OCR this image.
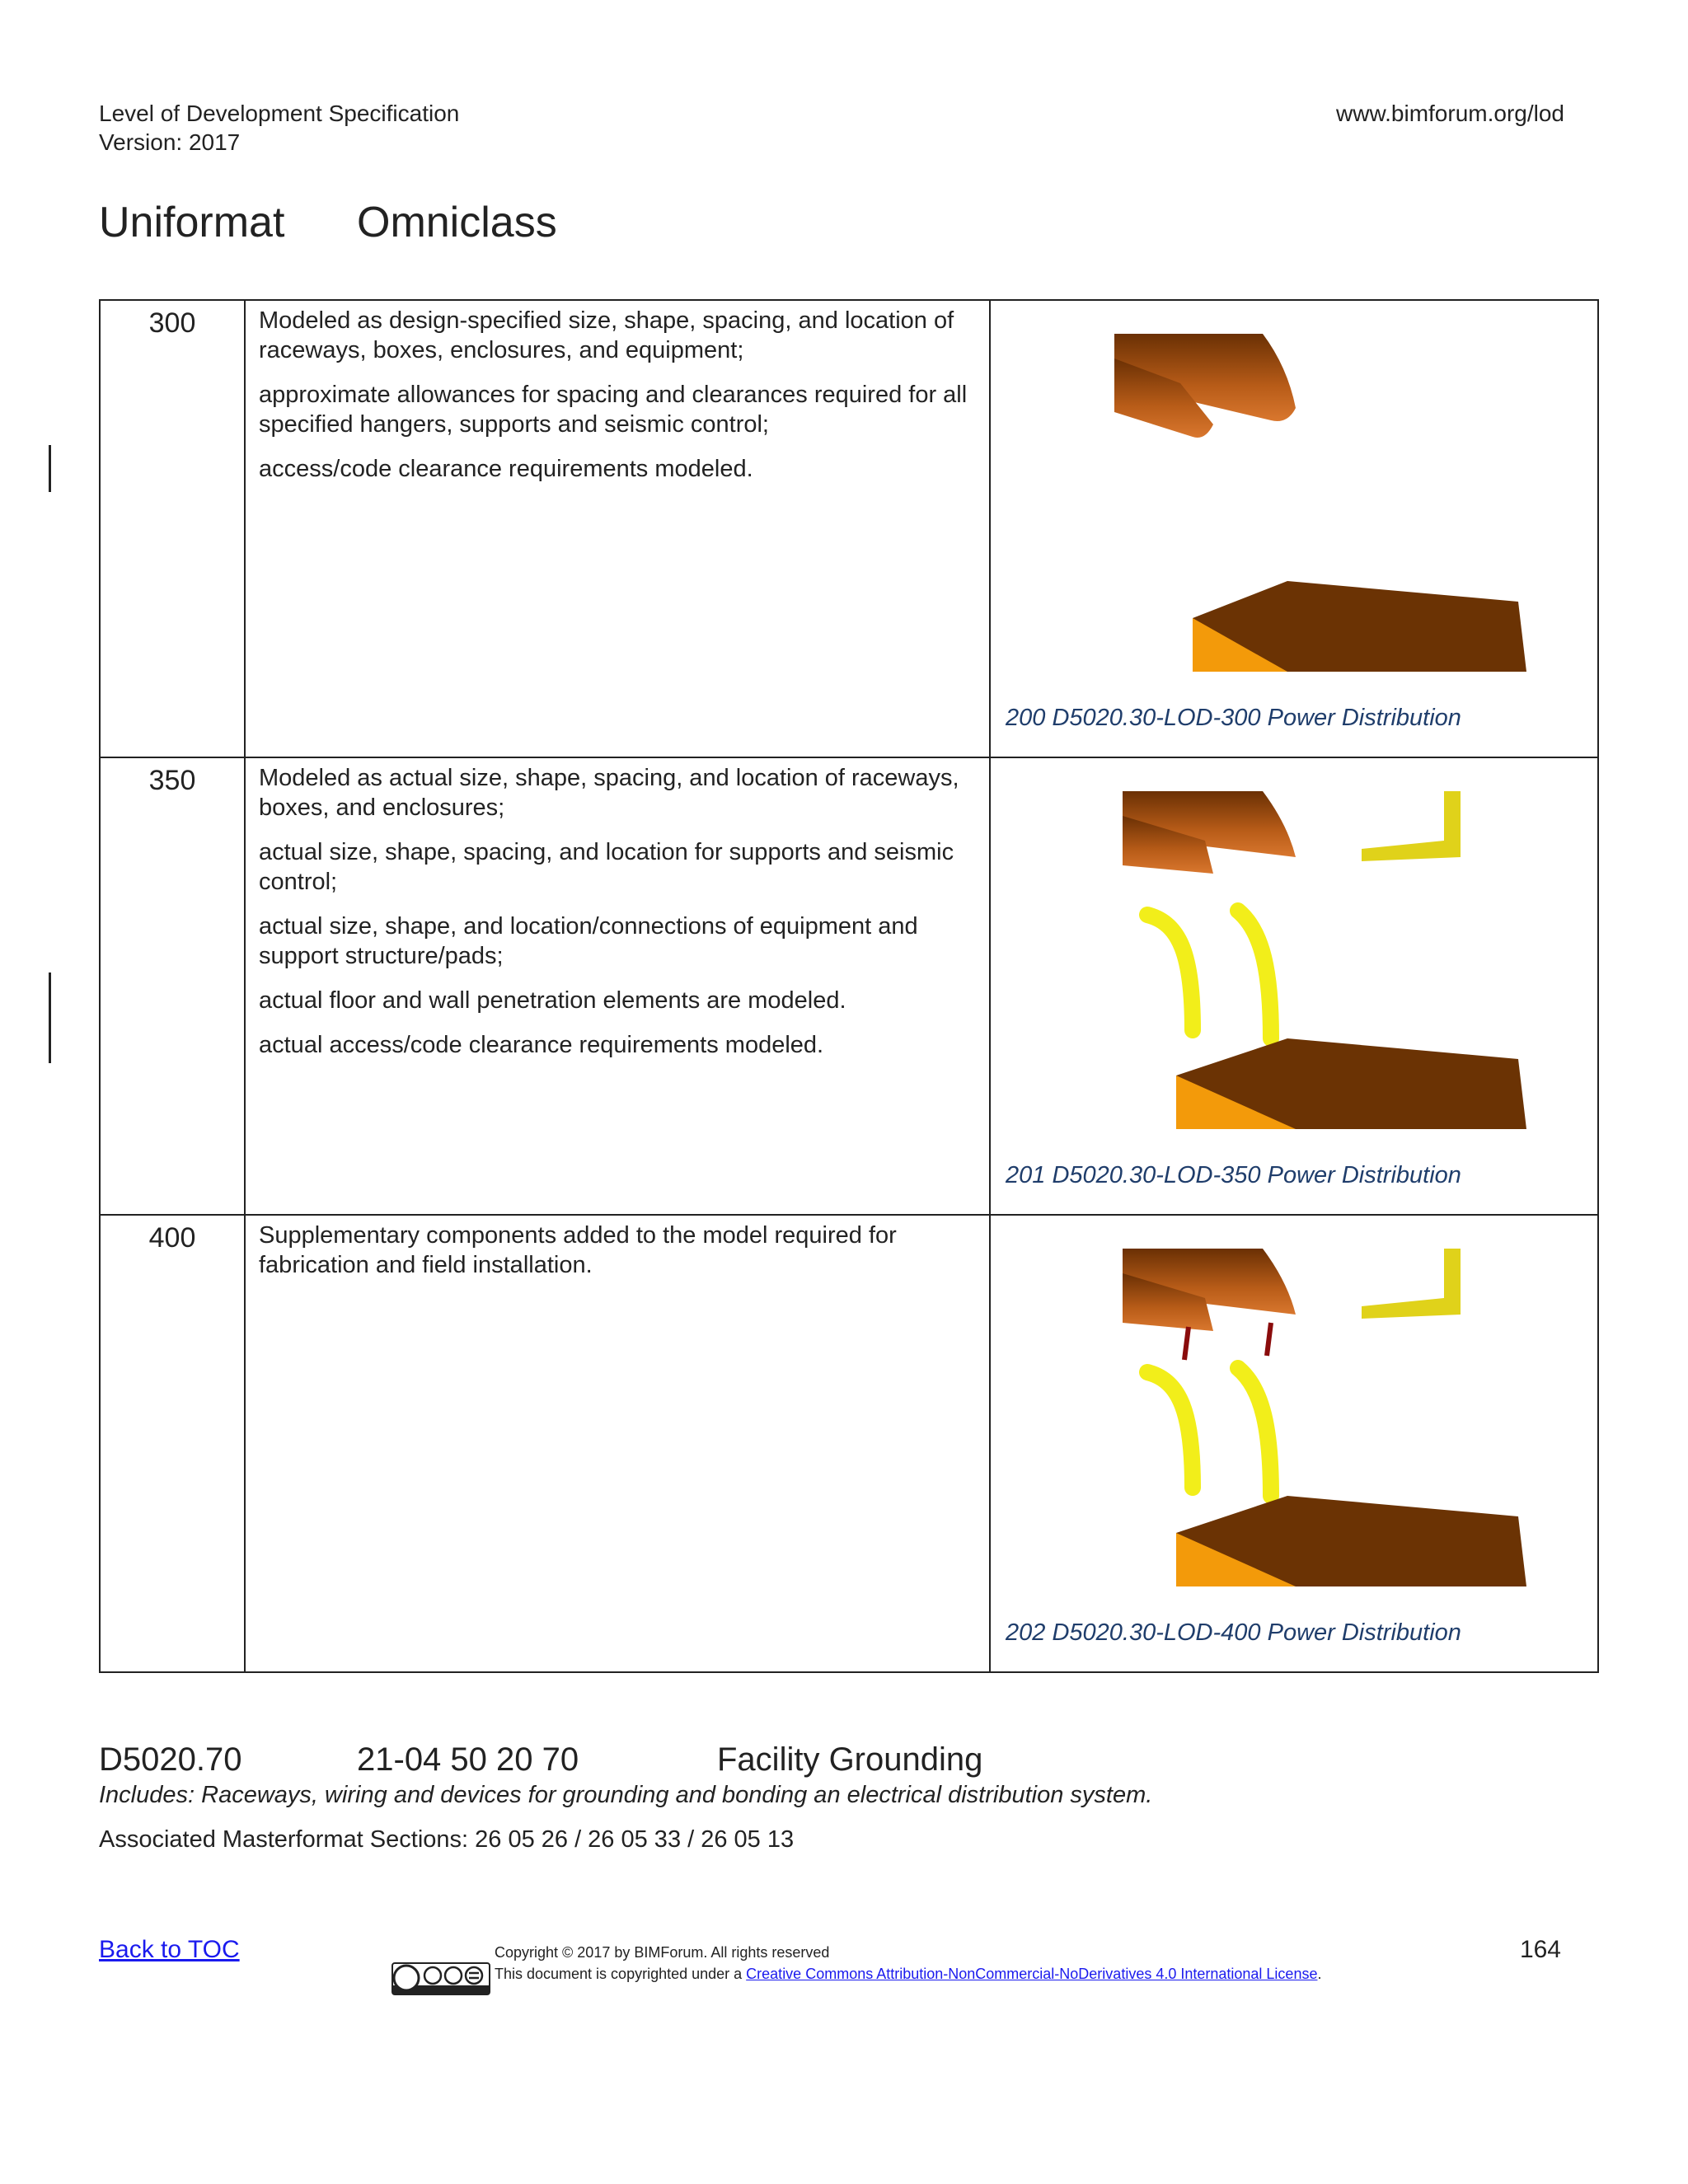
Level of Development Specification
Version: 2017
www.bimforum.org/lod
Uniformat Omniclass
300	Modeled as design-specified size, shape, spacing, and location of raceways, boxes, enclosures, and equipment;

approximate allowances for spacing and clearances required for all specified hangers, supports and seismic control;

access/code clearance requirements modeled.	200 D5020.30-LOD-300 Power Distribution

350	Modeled as actual size, shape, spacing, and location of raceways, boxes, and enclosures;

actual size, shape, spacing, and location for supports and seismic control;

actual size, shape, and location/connections of equipment and support structure/pads;

actual floor and wall penetration elements are modeled.

actual access/code clearance requirements modeled.	201 D5020.30-LOD-350 Power Distribution

400	Supplementary components added to the model required for fabrication and field installation.	202 D5020.30-LOD-400 Power Distribution
D5020.70	21-04 50 20 70	Facility Grounding
Includes: Raceways, wiring and devices for grounding and bonding an electrical distribution system.
Associated Masterformat Sections: 26 05 26 / 26 05 33 / 26 05 13
Back to TOC	Copyright © 2017 by BIMForum. All rights reserved
This document is copyrighted under a Creative Commons Attribution-NonCommercial-NoDerivatives 4.0 International License.
164
